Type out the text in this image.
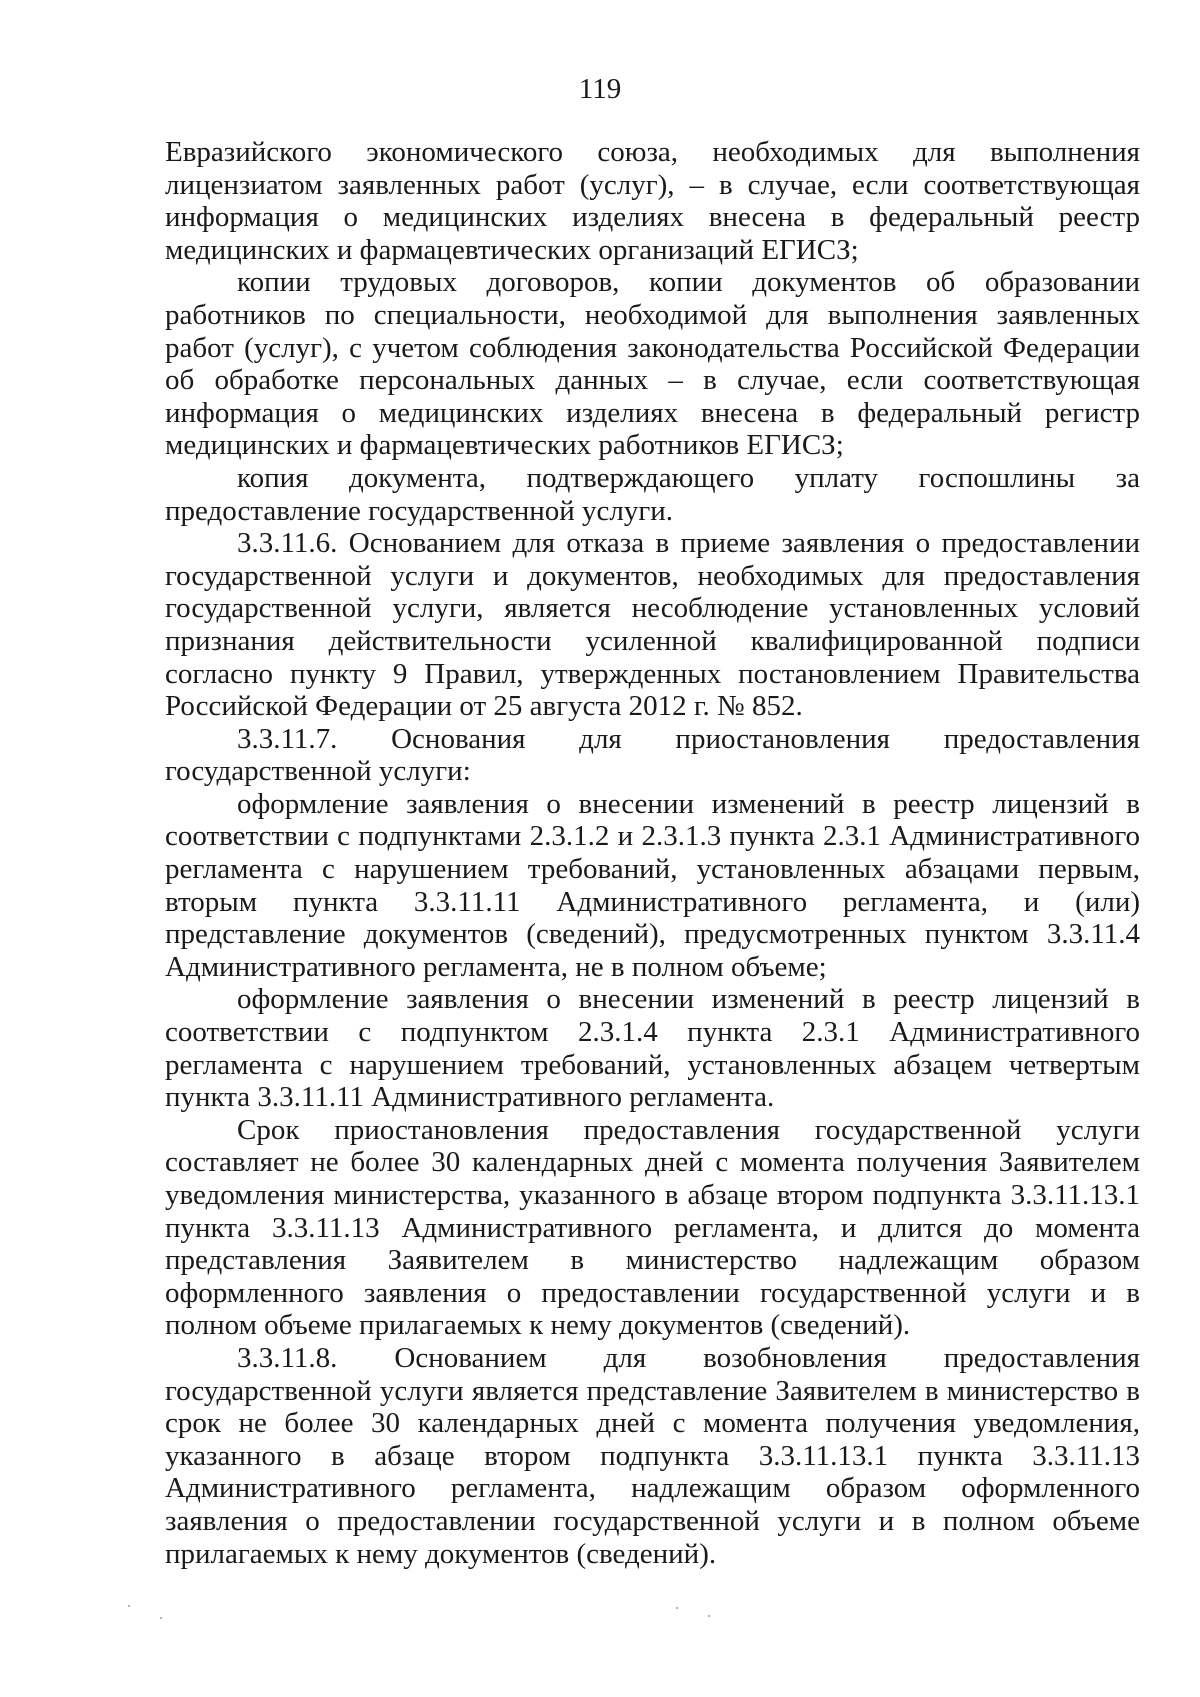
119

Евразийского экономического союза, необходимых для выполнения лицензиатом заявленных работ (услуг), – в случае, если соответствующая информация о медицинских изделиях внесена в федеральный реестр медицинских и фармацевтических организаций ЕГИСЗ;

копии трудовых договоров, копии документов об образовании работников по специальности, необходимой для выполнения заявленных работ (услуг), с учетом соблюдения законодательства Российской Федерации об обработке персональных данных – в случае, если соответствующая информация о медицинских изделиях внесена в федеральный регистр медицинских и фармацевтических работников ЕГИСЗ;

копия документа, подтверждающего уплату госпошлины за предоставление государственной услуги.

3.3.11.6. Основанием для отказа в приеме заявления о предоставлении государственной услуги и документов, необходимых для предоставления государственной услуги, является несоблюдение установленных условий признания действительности усиленной квалифицированной подписи согласно пункту 9 Правил, утвержденных постановлением Правительства Российской Федерации от 25 августа 2012 г. № 852.

3.3.11.7. Основания для приостановления предоставления государственной услуги:

оформление заявления о внесении изменений в реестр лицензий в соответствии с подпунктами 2.3.1.2 и 2.3.1.3 пункта 2.3.1 Административного регламента с нарушением требований, установленных абзацами первым, вторым пункта 3.3.11.11 Административного регламента, и (или) представление документов (сведений), предусмотренных пунктом 3.3.11.4 Административного регламента, не в полном объеме;

оформление заявления о внесении изменений в реестр лицензий в соответствии с подпунктом 2.3.1.4 пункта 2.3.1 Административного регламента с нарушением требований, установленных абзацем четвертым пункта 3.3.11.11 Административного регламента.

Срок приостановления предоставления государственной услуги составляет не более 30 календарных дней с момента получения Заявителем уведомления министерства, указанного в абзаце втором подпункта 3.3.11.13.1 пункта 3.3.11.13 Административного регламента, и длится до момента представления Заявителем в министерство надлежащим образом оформленного заявления о предоставлении государственной услуги и в полном объеме прилагаемых к нему документов (сведений).

3.3.11.8. Основанием для возобновления предоставления государственной услуги является представление Заявителем в министерство в срок не более 30 календарных дней с момента получения уведомления, указанного в абзаце втором подпункта 3.3.11.13.1 пункта 3.3.11.13 Административного регламента, надлежащим образом оформленного заявления о предоставлении государственной услуги и в полном объеме прилагаемых к нему документов (сведений).
